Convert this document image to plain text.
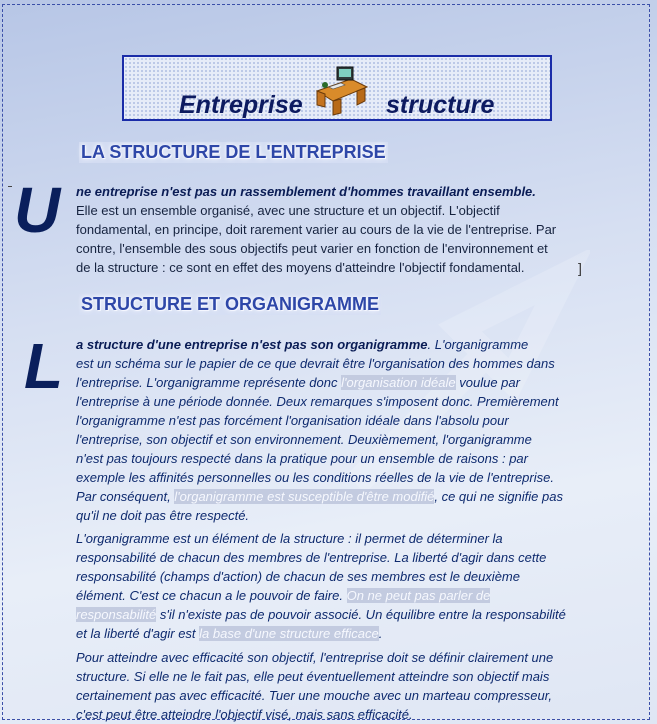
Entreprise	structure
LA STRUCTURE DE L'ENTREPRISE
U ne entreprise n'est pas un rassemblement d'hommes travaillant ensemble.
Elle est un ensemble organisé, avec une structure et un objectif. L'objectif
fondamental, en principe, doit rarement varier au cours de la vie de l'entreprise. Par
contre, l'ensemble des sous objectifs peut varier en fonction de l'environnement et
de la structure : ce sont en effet des moyens d'atteindre l'objectif fondamental.	]
STRUCTURE ET ORGANIGRAMME
L a structure d'une entreprise n'est pas son organigramme. L'organigramme
est un schéma sur le papier de ce que devrait être l'organisation des hommes dans
l'entreprise. L'organigramme représente donc l'organisation idéale voulue par
l'entreprise à une période donnée. Deux remarques s'imposent donc. Premièrement
l'organigramme n'est pas forcément l'organisation idéale dans l'absolu pour
l'entreprise, son objectif et son environnement. Deuxièmement, l'organigramme
n'est pas toujours respecté dans la pratique pour un ensemble de raisons : par
exemple les affinités personnelles ou les conditions réelles de la vie de l'entreprise.
Par conséquent, l'organigramme est susceptible d'être modifié, ce qui ne signifie pas
qu'il ne doit pas être respecté.
L'organigramme est un élément de la structure : il permet de déterminer la
responsabilité de chacun des membres de l'entreprise. La liberté d'agir dans cette
responsabilité (champs d'action) de chacun de ses membres est le deuxième
élément. C'est ce chacun a le pouvoir de faire. On ne peut pas parler de
responsabilité s'il n'existe pas de pouvoir associé. Un équilibre entre la responsabilité
et la liberté d'agir est la base d'une structure efficace.
Pour atteindre avec efficacité son objectif, l'entreprise doit se définir clairement une
structure. Si elle ne le fait pas, elle peut éventuellement atteindre son objectif mais
certainement pas avec efficacité. Tuer une mouche avec un marteau compresseur,
c'est peut être atteindre l'objectif visé, mais sans efficacité.
